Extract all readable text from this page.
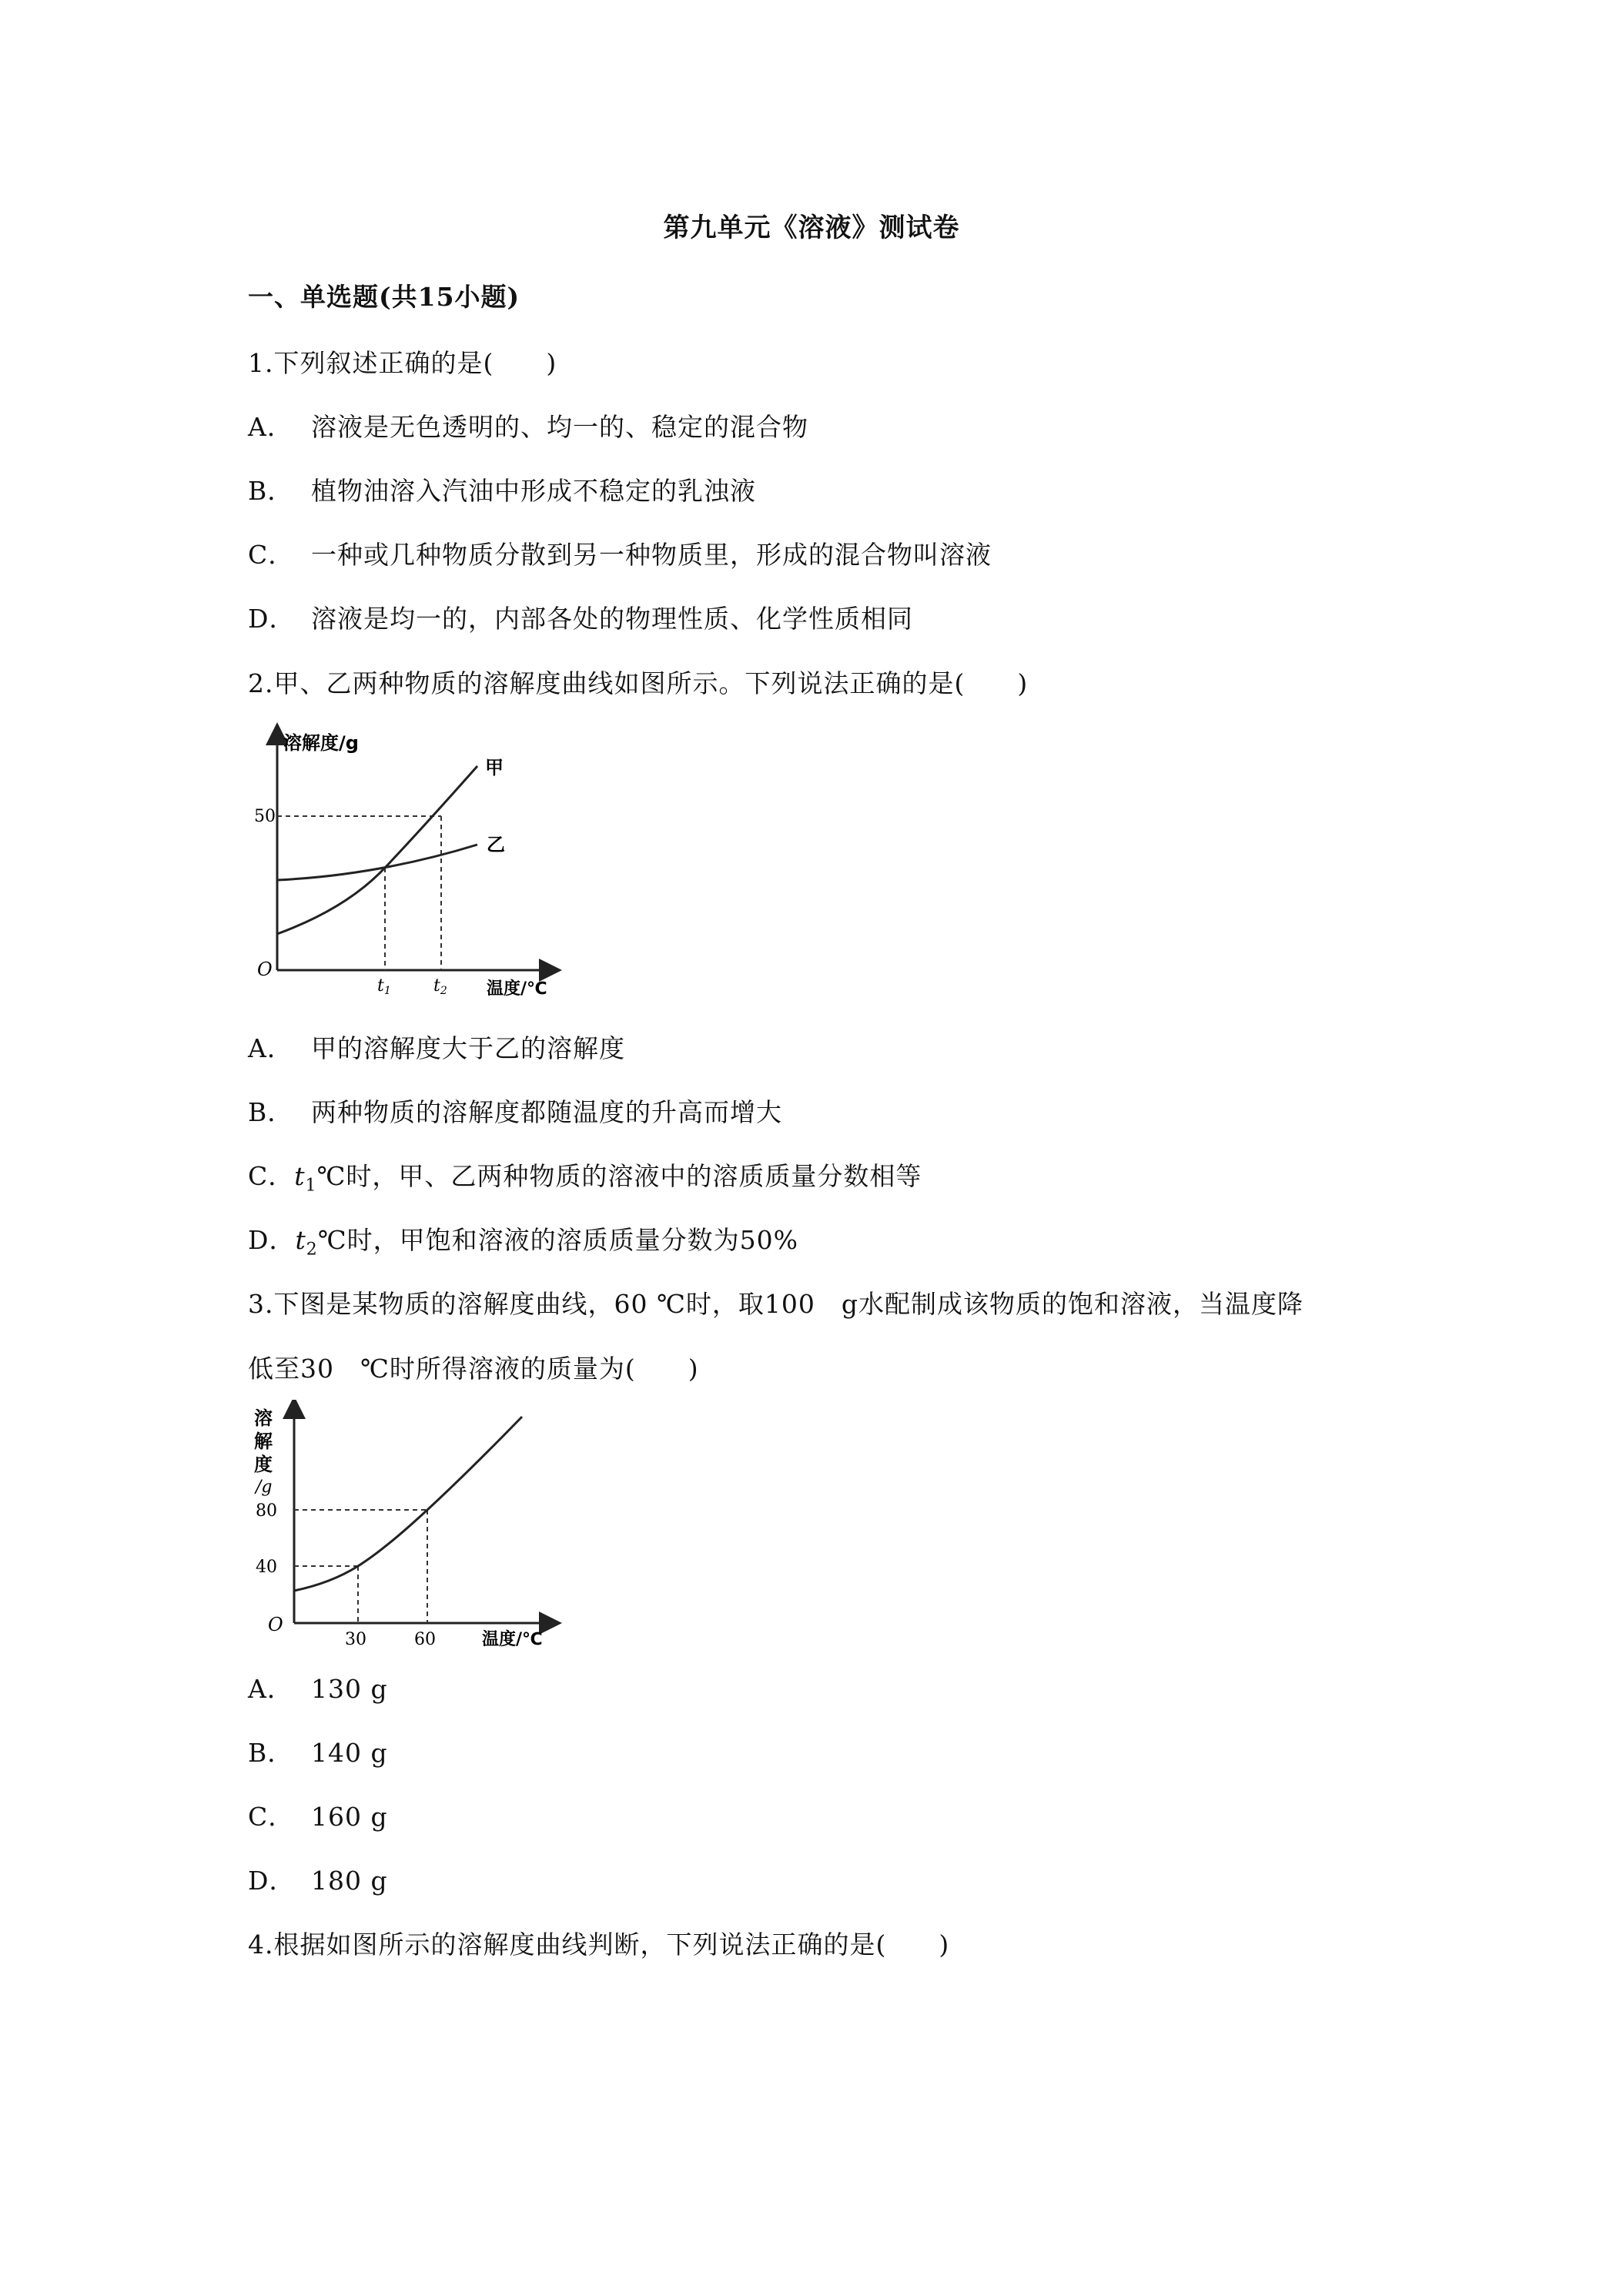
第九单元《溶液》测试卷
一、单选题(共15小题)
1.下列叙述正确的是(　　)
A． 溶液是无色透明的、均一的、稳定的混合物
B． 植物油溶入汽油中形成不稳定的乳浊液
C． 一种或几种物质分散到另一种物质里，形成的混合物叫溶液
D． 溶液是均一的，内部各处的物理性质、化学性质相同
2.甲、乙两种物质的溶解度曲线如图所示。下列说法正确的是(　　)
溶解度/g
50
O
t1	t2 温度/℃
甲
乙
A． 甲的溶解度大于乙的溶解度
B． 两种物质的溶解度都随温度的升高而增大
C．$t_1℃$时，甲、乙两种物质的溶液中的溶质质量分数相等
D．$t_2℃$时，甲饱和溶液的溶质质量分数为50%
3.下图是某物质的溶解度曲线，60 ℃时，取100　g水配制成该物质的饱和溶液，当温度降
低至30　℃时所得溶液的质量为(　　)
溶
解
度
/g
80
40
O
30	60	温度/℃
A． 130 g
B． 140 g
C． 160 g
D． 180 g
4.根据如图所示的溶解度曲线判断，下列说法正确的是(　　)
